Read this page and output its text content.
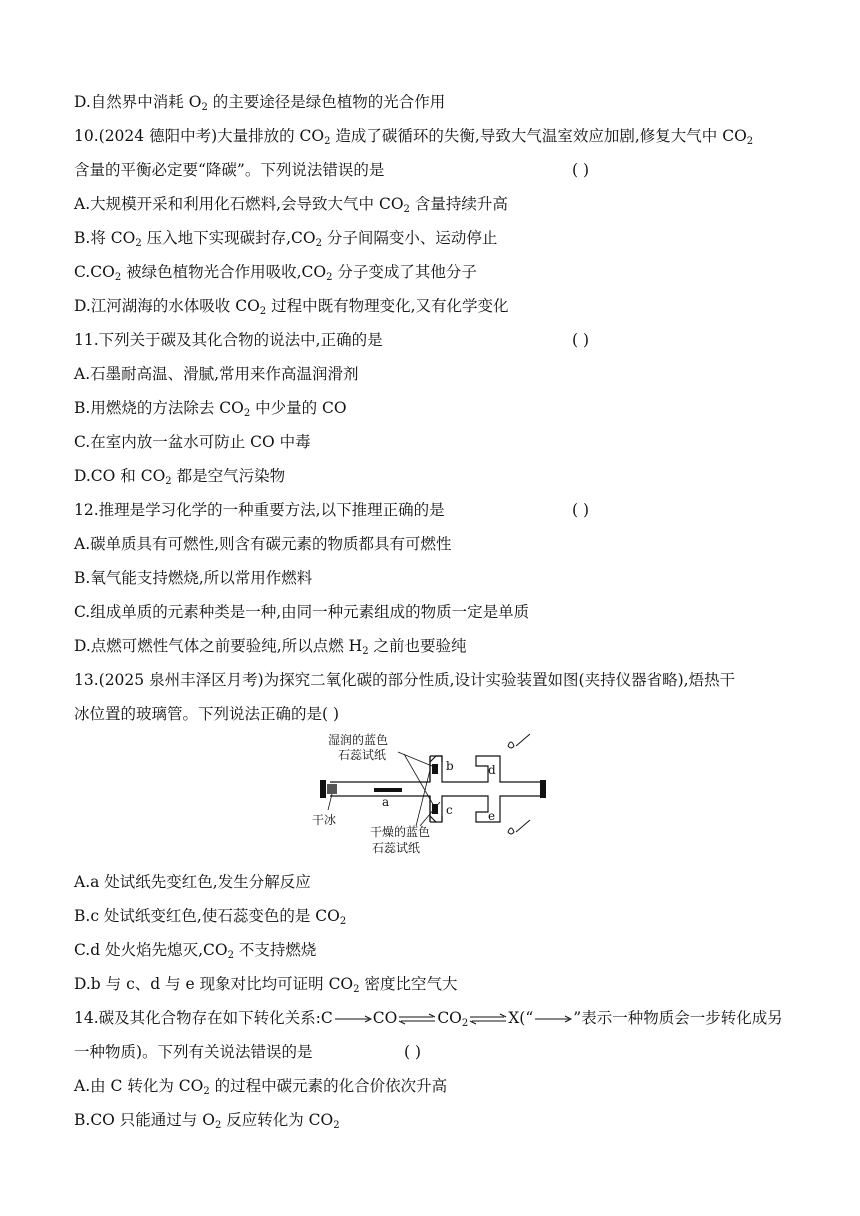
D.自然界中消耗 $O_2$ 的主要途径是绿色植物的光合作用
10.(2024 德阳中考)大量排放的 $CO_2$ 造成了碳循环的失衡,导致大气温室效应加剧,修复大气中 $CO_2$
含量的平衡必定要“降碳”。下列说法错误的是	( )
A.大规模开采和利用化石燃料,会导致大气中 $CO_2$ 含量持续升高
B.将 $CO_2$ 压入地下实现碳封存$,CO_2$ 分子间隔变小、运动停止
$C.CO_2$ 被绿色植物光合作用吸收$,CO_2$ 分子变成了其他分子
D.江河湖海的水体吸收 $CO_2$ 过程中既有物理变化,又有化学变化
11.下列关于碳及其化合物的说法中,正确的是	( )
A.石墨耐高温、滑腻,常用来作高温润滑剂
B.用燃烧的方法除去 $CO_2$ 中少量的 CO
C.在室内放一盆水可防止 CO 中毒
D.CO 和 $CO_2$ 都是空气污染物
12.推理是学习化学的一种重要方法,以下推理正确的是	( )
A.碳单质具有可燃性,则含有碳元素的物质都具有可燃性
B.氧气能支持燃烧,所以常用作燃料
C.组成单质的元素种类是一种,由同一种元素组成的物质一定是单质
D.点燃可燃性气体之前要验纯,所以点燃 $H_2$ 之前也要验纯
13.(2025 泉州丰泽区月考)为探究二氧化碳的部分性质,设计实验装置如图(夹持仪器省略),焐热干
冰位置的玻璃管。下列说法正确的是( )
湿润的蓝色
石蕊试纸
b
c
d
e
a
干冰
干燥的蓝色
石蕊试纸
A.a 处试纸先变红色,发生分解反应
B.c 处试纸变红色,使石蕊变色的是 $CO_2$
C.d 处火焰先熄灭$,CO_2$ 不支持燃烧
D.b 与 c、d 与 e 现象对比均可证明 $CO_2$ 密度比空气大
14.碳及其化合物存在如下转化关系:C	$CO\rightleftharpoons CO_2\rightleftharpoons X(“$	”表示一种物质会一步转化成另
一种物质)。下列有关说法错误的是	( )
A.由 C 转化为 $CO_2$ 的过程中碳元素的化合价依次升高
B.CO 只能通过与 $O_2$ 反应转化为 $CO_2$
